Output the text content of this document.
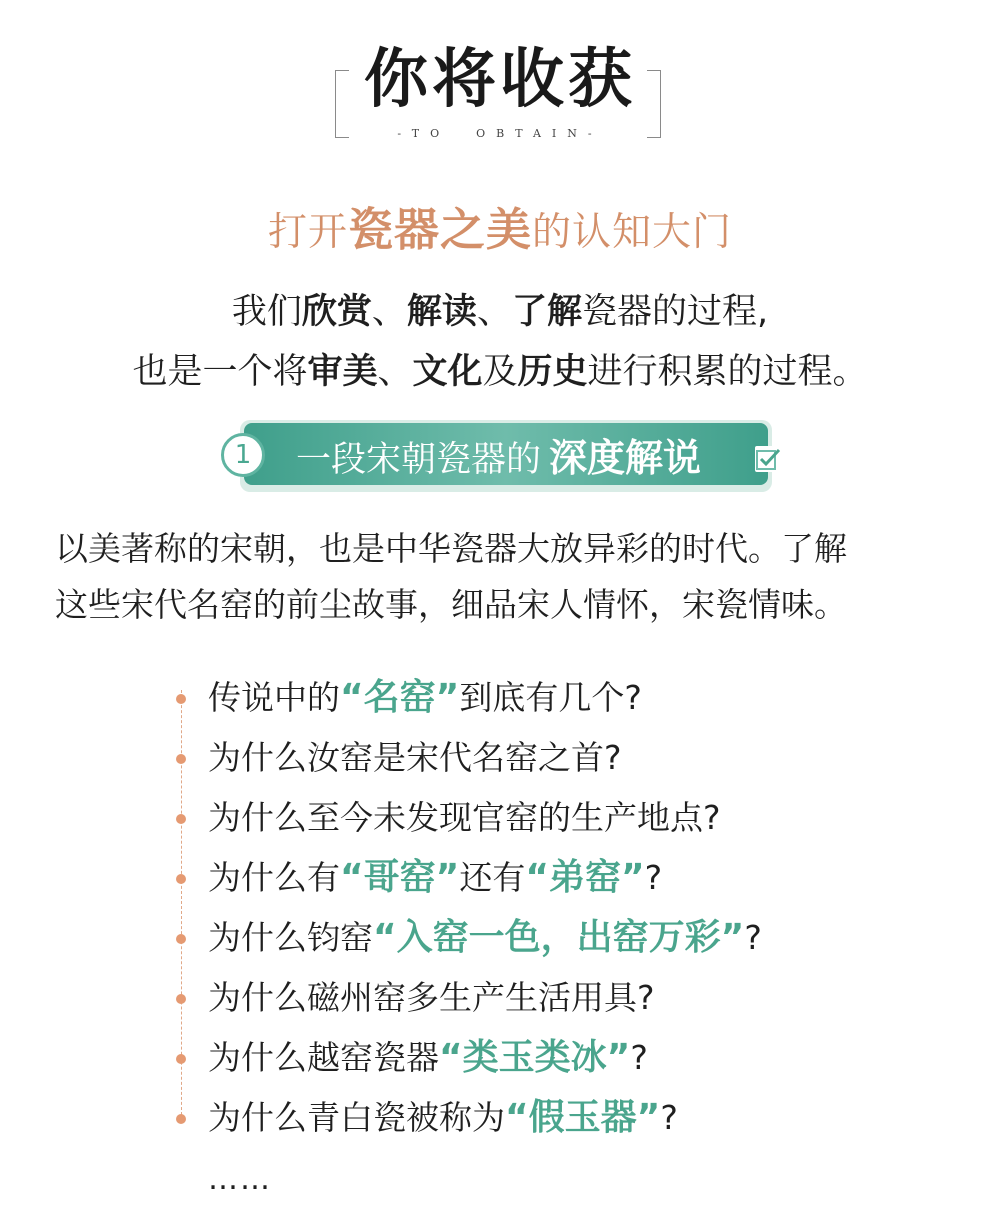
你将收获
-TO OBTAIN-
打开瓷器之美的认知大门
我们欣赏、解读、了解瓷器的过程,
也是一个将审美、文化及历史进行积累的过程。
1	一段宋朝瓷器的 深度解说
以美著称的宋朝，也是中华瓷器大放异彩的时代。了解
这些宋代名窑的前尘故事，细品宋人情怀，宋瓷情味。
传说中的“名窑”到底有几个?
为什么汝窑是宋代名窑之首?
为什么至今未发现官窑的生产地点?
为什么有“哥窑”还有“弟窑”?
为什么钧窑“入窑一色，出窑万彩”?
为什么磁州窑多生产生活用具?
为什么越窑瓷器“类玉类冰”?
为什么青白瓷被称为“假玉器”?
……
